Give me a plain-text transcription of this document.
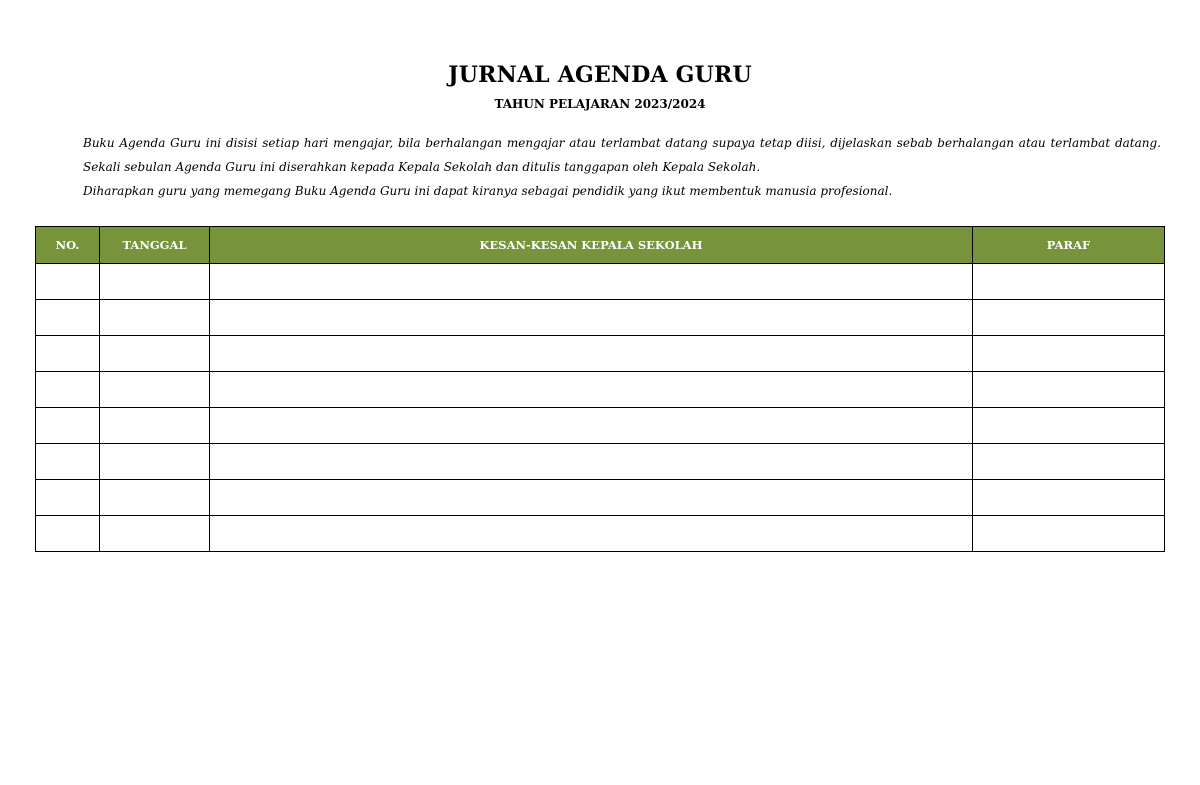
JURNAL AGENDA GURU
TAHUN PELAJARAN 2023/2024

Buku Agenda Guru ini disisi setiap hari mengajar, bila berhalangan mengajar atau terlambat datang supaya tetap diisi, dijelaskan sebab berhalangan atau terlambat datang. Sekali sebulan Agenda Guru ini diserahkan kepada Kepala Sekolah dan ditulis tanggapan oleh Kepala Sekolah.

Diharapkan guru yang memegang Buku Agenda Guru ini dapat kiranya sebagai pendidik yang ikut membentuk manusia profesional.

NO.	TANGGAL	KESAN-KESAN KEPALA SEKOLAH	PARAF
